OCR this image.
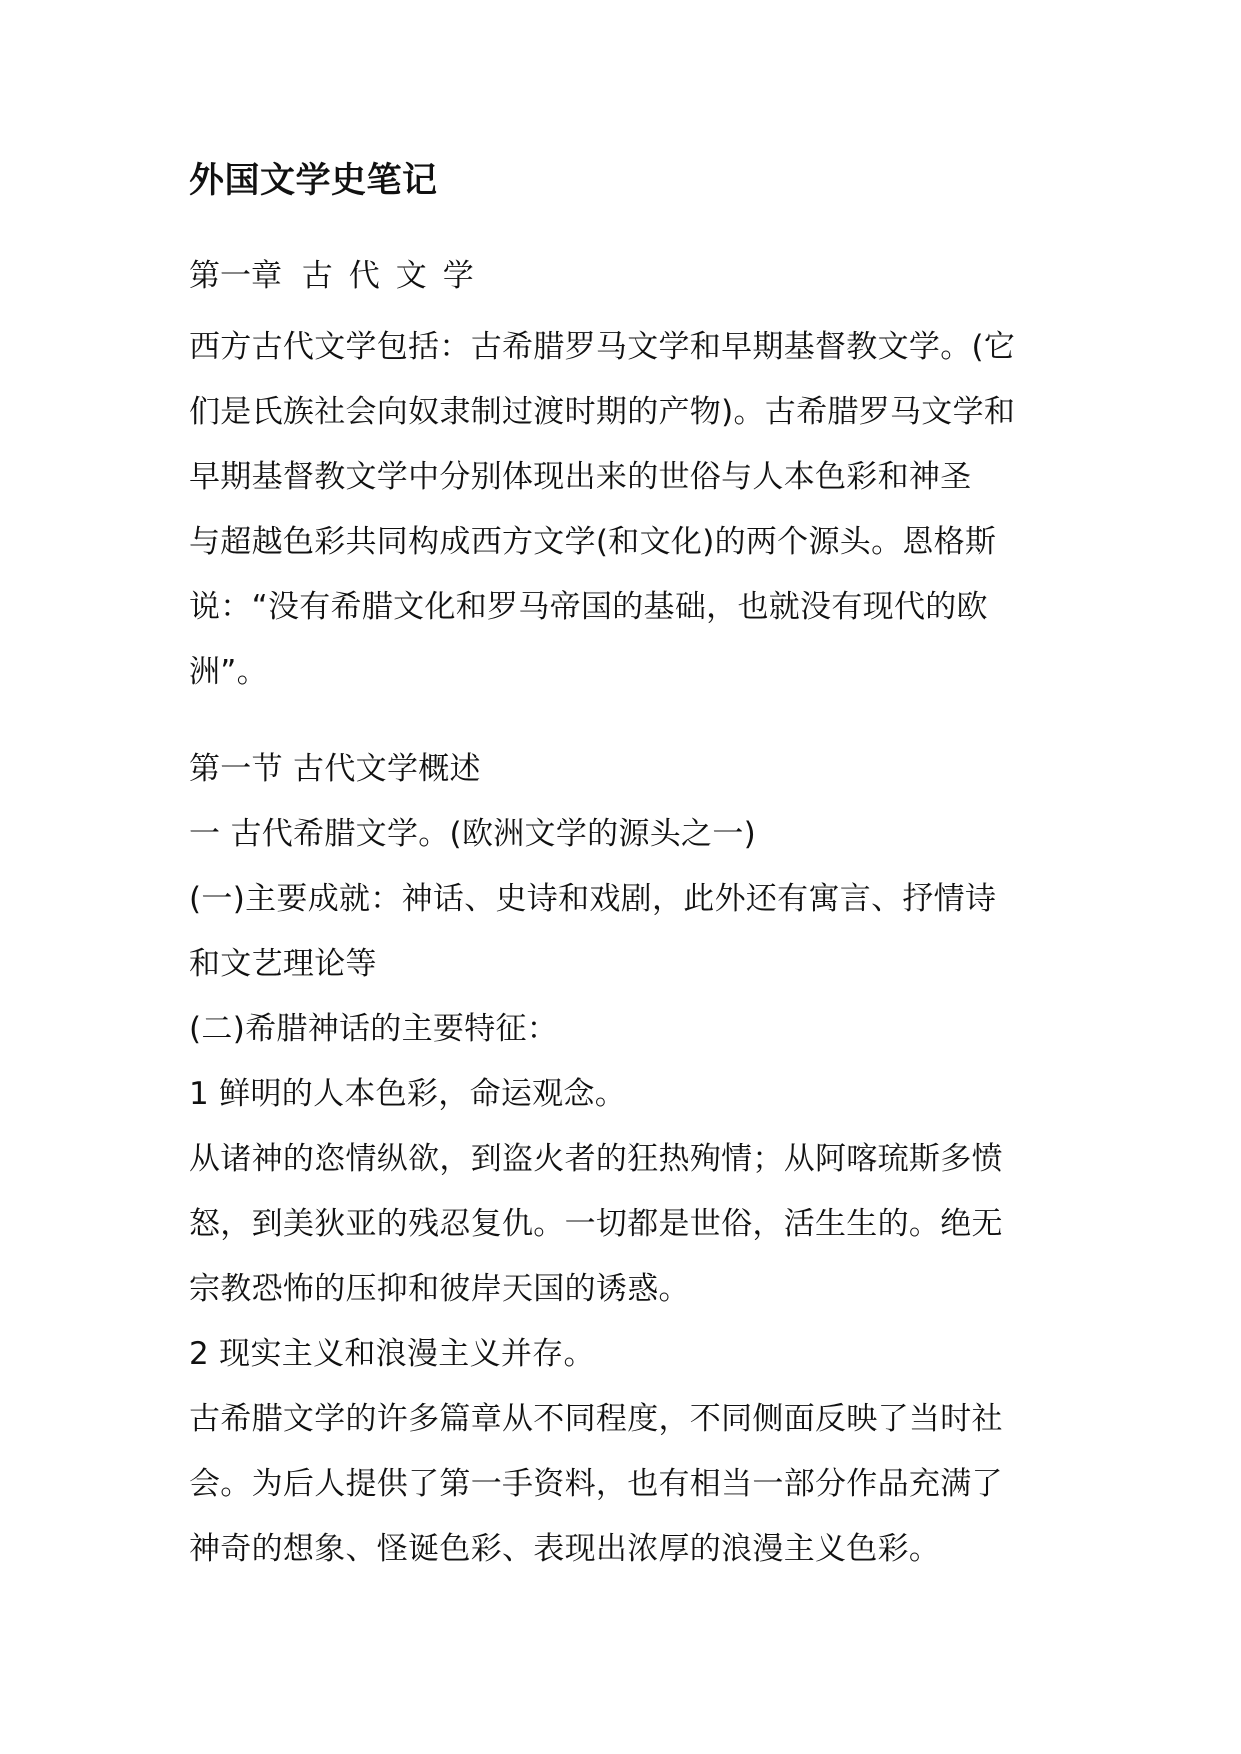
外国文学史笔记
第一章 古代文学
西方古代文学包括：古希腊罗马文学和早期基督教文学。(它
们是氏族社会向奴隶制过渡时期的产物)。古希腊罗马文学和
早期基督教文学中分别体现出来的世俗与人本色彩和神圣
与超越色彩共同构成西方文学(和文化)的两个源头。恩格斯
说：“没有希腊文化和罗马帝国的基础，也就没有现代的欧
洲”。
第一节 古代文学概述
一 古代希腊文学。(欧洲文学的源头之一)
(一)主要成就：神话、史诗和戏剧，此外还有寓言、抒情诗
和文艺理论等
(二)希腊神话的主要特征：
1 鲜明的人本色彩，命运观念。
从诸神的恣情纵欲，到盗火者的狂热殉情；从阿喀琉斯多愤
怒，到美狄亚的残忍复仇。一切都是世俗，活生生的。绝无
宗教恐怖的压抑和彼岸天国的诱惑。
2 现实主义和浪漫主义并存。
古希腊文学的许多篇章从不同程度，不同侧面反映了当时社
会。为后人提供了第一手资料，也有相当一部分作品充满了
神奇的想象、怪诞色彩、表现出浓厚的浪漫主义色彩。
